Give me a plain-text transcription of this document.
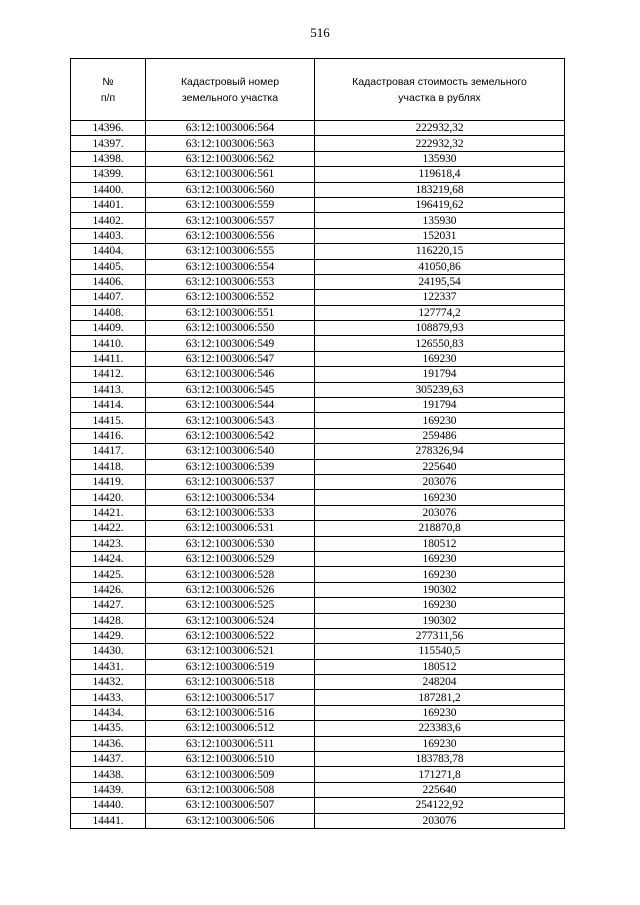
516
№
п/п	Кадастровый номер земельного участка	Кадастровая стоимость земельного участка в рублях
14396.	63:12:1003006:564	222932,32
14397.	63:12:1003006:563	222932,32
14398.	63:12:1003006:562	135930
14399.	63:12:1003006:561	119618,4
14400.	63:12:1003006:560	183219,68
14401.	63:12:1003006:559	196419,62
14402.	63:12:1003006:557	135930
14403.	63:12:1003006:556	152031
14404.	63:12:1003006:555	116220,15
14405.	63:12:1003006:554	41050,86
14406.	63:12:1003006:553	24195,54
14407.	63:12:1003006:552	122337
14408.	63:12:1003006:551	127774,2
14409.	63:12:1003006:550	108879,93
14410.	63:12:1003006:549	126550,83
14411.	63:12:1003006:547	169230
14412.	63:12:1003006:546	191794
14413.	63:12:1003006:545	305239,63
14414.	63:12:1003006:544	191794
14415.	63:12:1003006:543	169230
14416.	63:12:1003006:542	259486
14417.	63:12:1003006:540	278326,94
14418.	63:12:1003006:539	225640
14419.	63:12:1003006:537	203076
14420.	63:12:1003006:534	169230
14421.	63:12:1003006:533	203076
14422.	63:12:1003006:531	218870,8
14423.	63:12:1003006:530	180512
14424.	63:12:1003006:529	169230
14425.	63:12:1003006:528	169230
14426.	63:12:1003006:526	190302
14427.	63:12:1003006:525	169230
14428.	63:12:1003006:524	190302
14429.	63:12:1003006:522	277311,56
14430.	63:12:1003006:521	115540,5
14431.	63:12:1003006:519	180512
14432.	63:12:1003006:518	248204
14433.	63:12:1003006:517	187281,2
14434.	63:12:1003006:516	169230
14435.	63:12:1003006:512	223383,6
14436.	63:12:1003006:511	169230
14437.	63:12:1003006:510	183783,78
14438.	63:12:1003006:509	171271,8
14439.	63:12:1003006:508	225640
14440.	63:12:1003006:507	254122,92
14441.	63:12:1003006:506	203076
